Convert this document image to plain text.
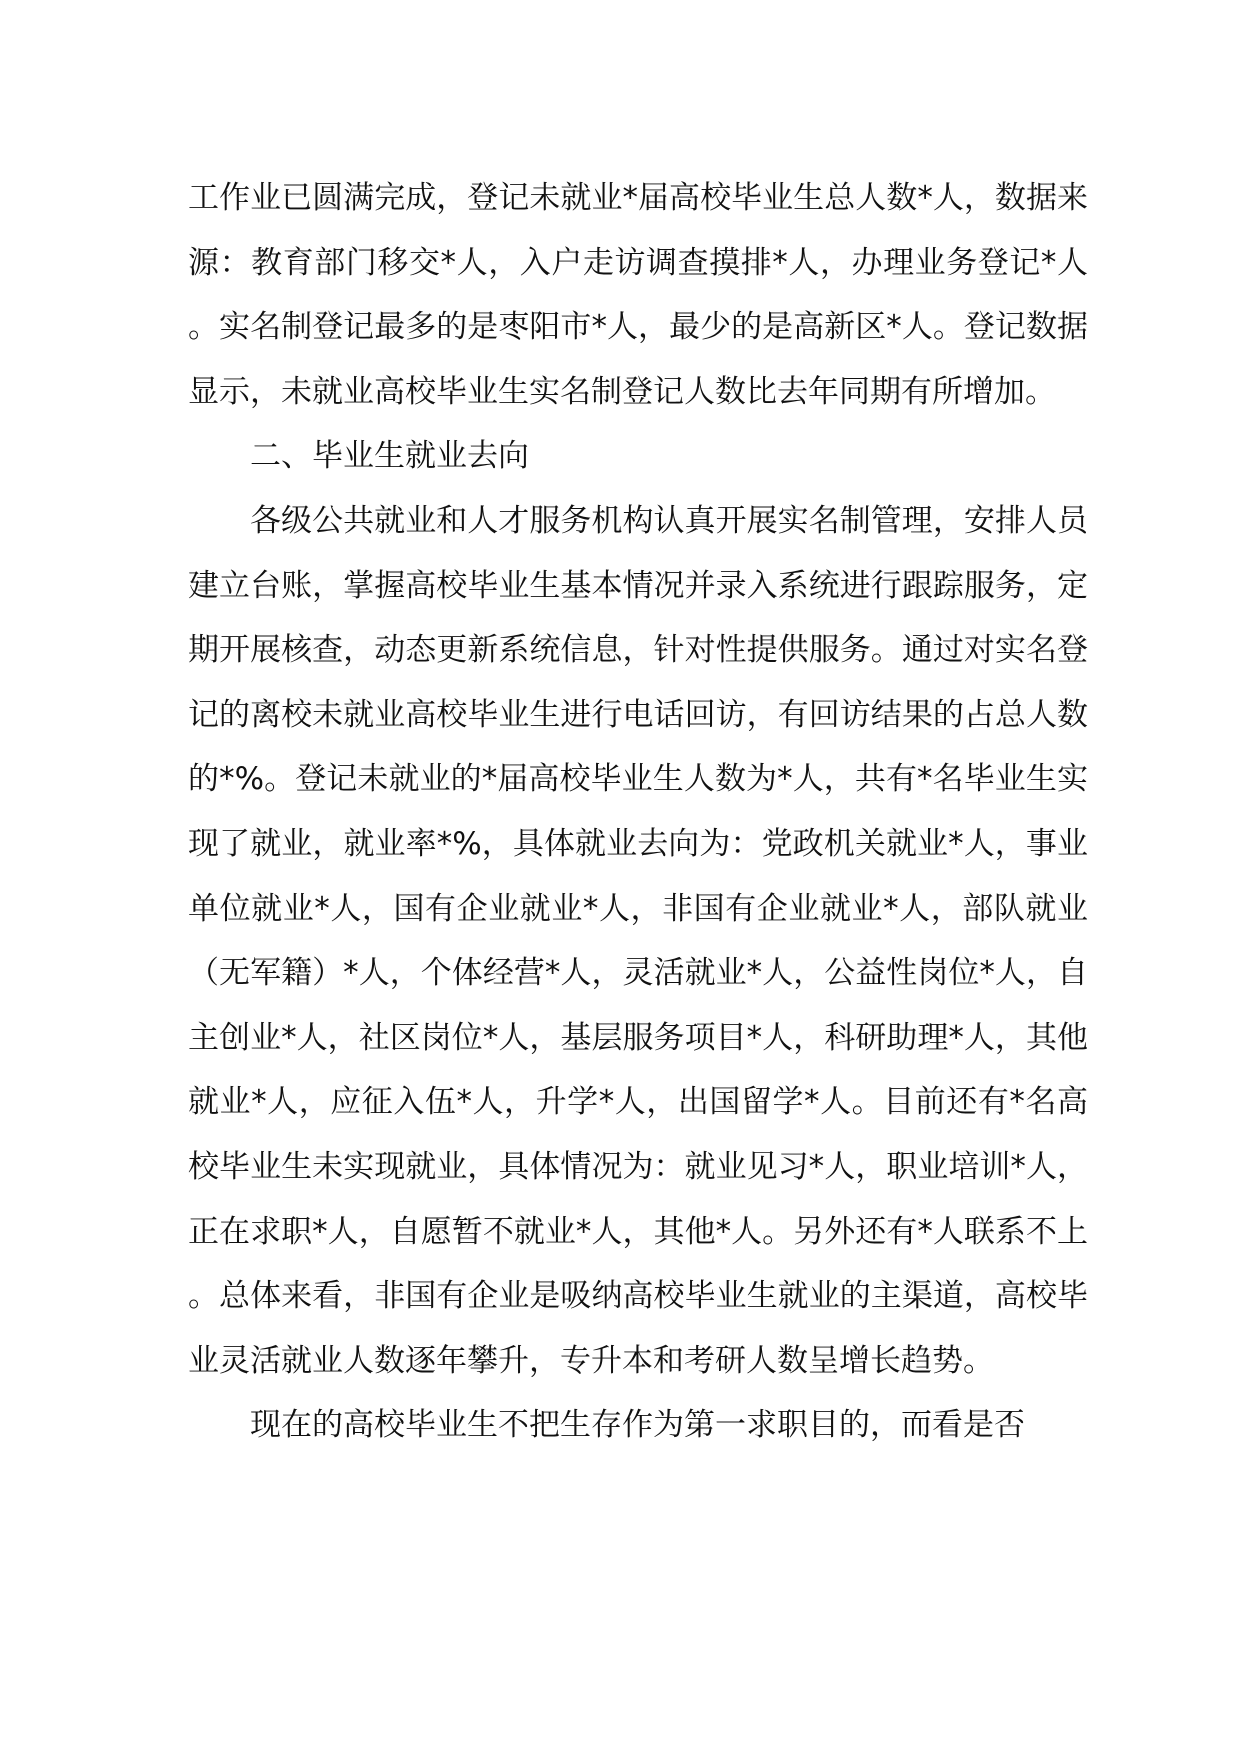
工作业已圆满完成，登记未就业*届高校毕业生总人数*人，数据来源：教育部门移交*人，入户走访调查摸排*人，办理业务登记*人。实名制登记最多的是枣阳市*人，最少的是高新区*人。登记数据显示，未就业高校毕业生实名制登记人数比去年同期有所增加。

二、毕业生就业去向

各级公共就业和人才服务机构认真开展实名制管理，安排人员建立台账，掌握高校毕业生基本情况并录入系统进行跟踪服务，定期开展核查，动态更新系统信息，针对性提供服务。通过对实名登记的离校未就业高校毕业生进行电话回访，有回访结果的占总人数的*%。登记未就业的*届高校毕业生人数为*人，共有*名毕业生实现了就业，就业率*%，具体就业去向为：党政机关就业*人，事业单位就业*人，国有企业就业*人，非国有企业就业*人，部队就业（无军籍）*人，个体经营*人，灵活就业*人，公益性岗位*人，自主创业*人，社区岗位*人，基层服务项目*人，科研助理*人，其他就业*人，应征入伍*人，升学*人，出国留学*人。目前还有*名高校毕业生未实现就业，具体情况为：就业见习*人，职业培训*人，正在求职*人，自愿暂不就业*人，其他*人。另外还有*人联系不上。总体来看，非国有企业是吸纳高校毕业生就业的主渠道，高校毕业灵活就业人数逐年攀升，专升本和考研人数呈增长趋势。

现在的高校毕业生不把生存作为第一求职目的，而看是否
